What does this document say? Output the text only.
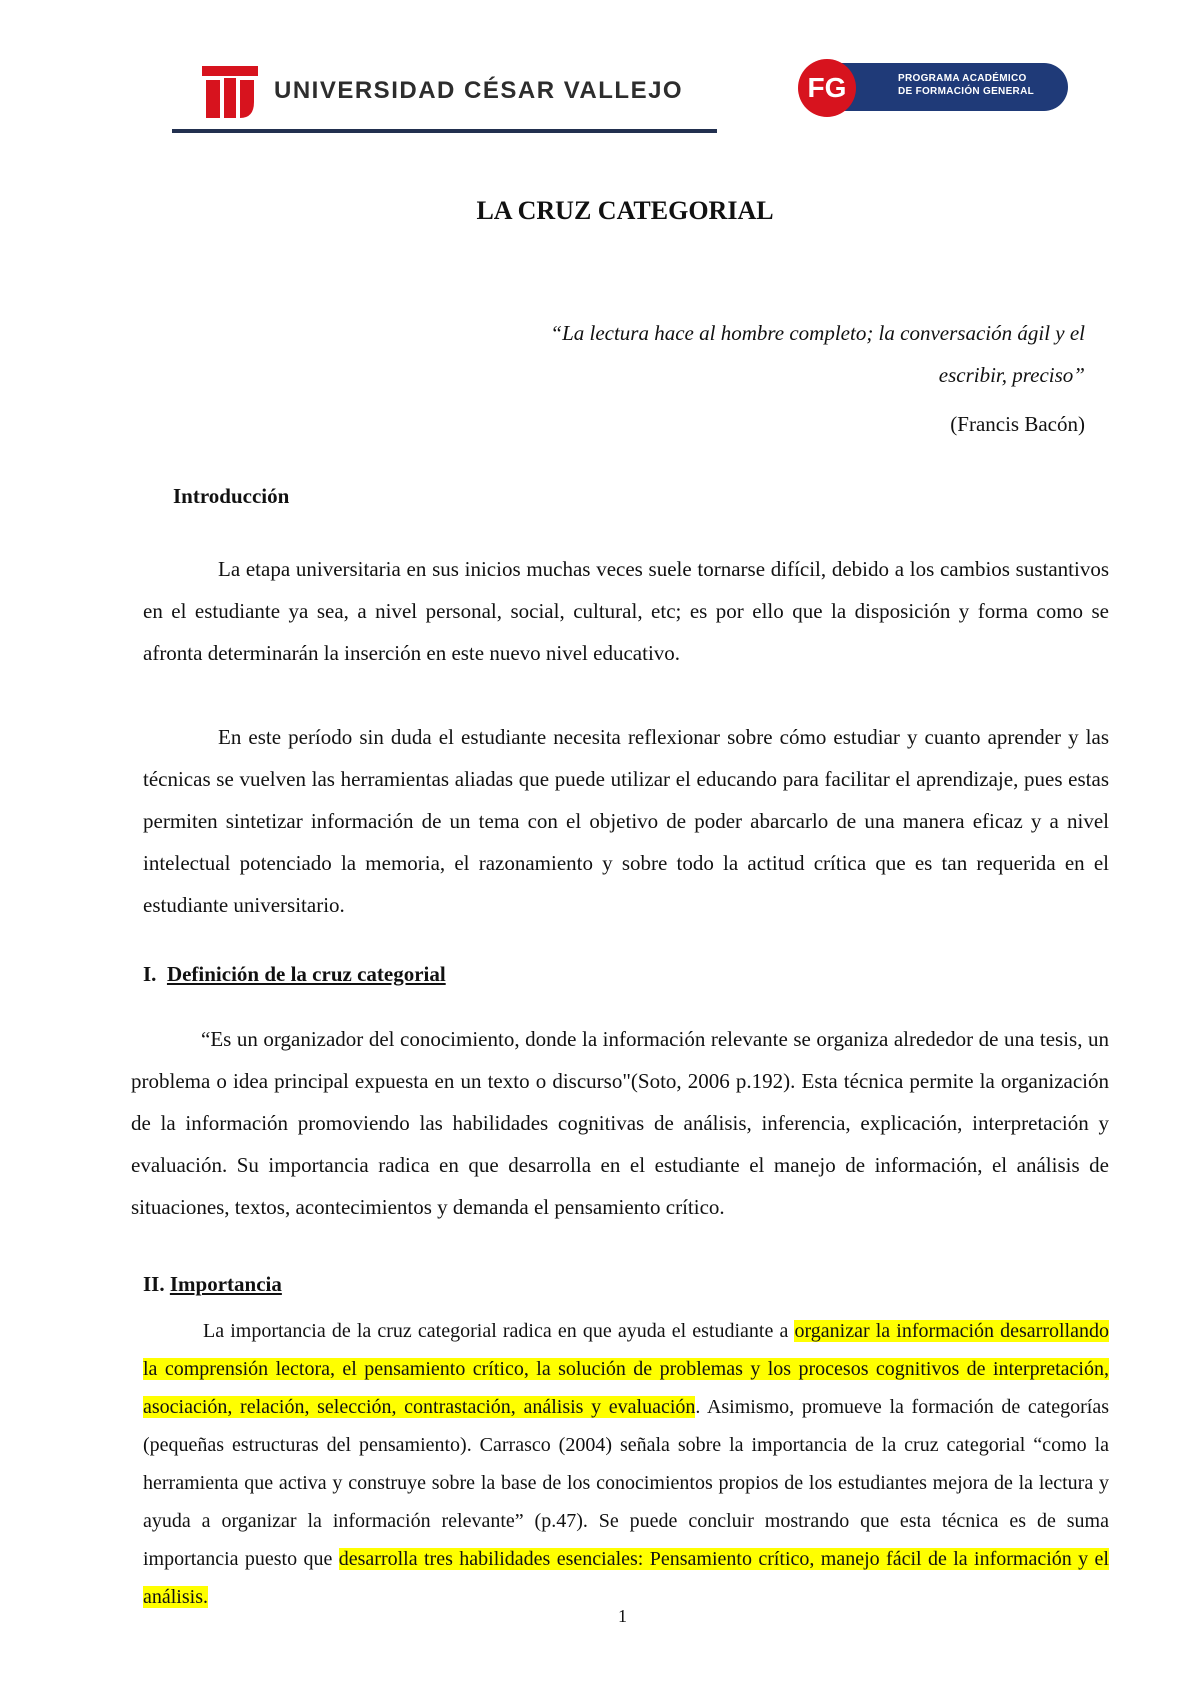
UNIVERSIDAD CÉSAR VALLEJO	FG	PROGRAMA ACADÉMICO
DE FORMACIÓN GENERAL
LA CRUZ CATEGORIAL
“La lectura hace al hombre completo; la conversación ágil y el
escribir, preciso”
(Francis Bacón)
Introducción
La etapa universitaria en sus inicios muchas veces suele tornarse difícil, debido a los cambios sustantivos en el estudiante ya sea, a nivel personal, social, cultural, etc; es por ello que la disposición y forma como se afronta determinarán la inserción en este nuevo nivel educativo.
En este período sin duda el estudiante necesita reflexionar sobre cómo estudiar y cuanto aprender y las técnicas se vuelven las herramientas aliadas que puede utilizar el educando para facilitar el aprendizaje, pues estas permiten sintetizar información de un tema con el objetivo de poder abarcarlo de una manera eficaz y a nivel intelectual potenciado la memoria, el razonamiento y sobre todo la actitud crítica que es tan requerida en el estudiante universitario.
I. Definición de la cruz categorial
“Es un organizador del conocimiento, donde la información relevante se organiza alrededor de una tesis, un problema o idea principal expuesta en un texto o discurso"(Soto, 2006 p.192). Esta técnica permite la organización de la información promoviendo las habilidades cognitivas de análisis, inferencia, explicación, interpretación y evaluación. Su importancia radica en que desarrolla en el estudiante el manejo de información, el análisis de situaciones, textos, acontecimientos y demanda el pensamiento crítico.
II. Importancia
La importancia de la cruz categorial radica en que ayuda el estudiante a organizar la información desarrollando la comprensión lectora, el pensamiento crítico, la solución de problemas y los procesos cognitivos de interpretación, asociación, relación, selección, contrastación, análisis y evaluación. Asimismo, promueve la formación de categorías (pequeñas estructuras del pensamiento). Carrasco (2004) señala sobre la importancia de la cruz categorial “como la herramienta que activa y construye sobre la base de los conocimientos propios de los estudiantes mejora de la lectura y ayuda a organizar la información relevante” (p.47). Se puede concluir mostrando que esta técnica es de suma importancia puesto que desarrolla tres habilidades esenciales: Pensamiento crítico, manejo fácil de la información y el análisis.
1
